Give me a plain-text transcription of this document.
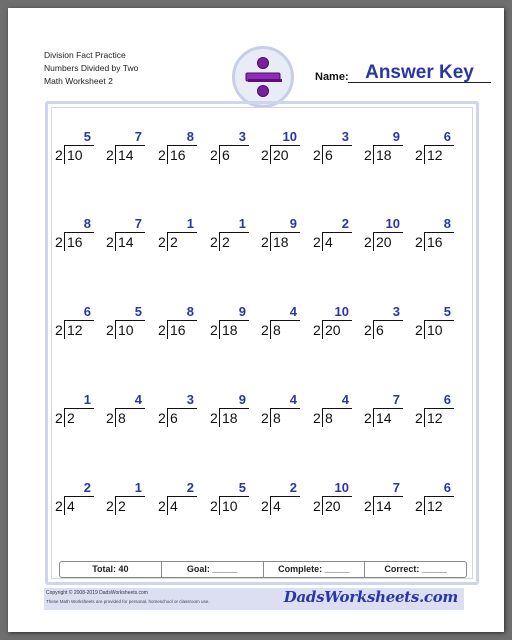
Division Fact Practice
Numbers Divided by Two
Math Worksheet 2	Name: Answer Key
5
2 10
7
2 14
8
2 16
3
2 6
10
2 20
3
2 6
9
2 18
6
2 12
8
2 16
7
2 14
1
2 2
1
2 2
9
2 18
2
2 4
10
2 20
8
2 16
6
2 12
5
2 10
8
2 16
9
2 18
4
2 8
10
2 20
3
2 6
5
2 10
1
2 2
4
2 8
3
2 6
9
2 18
4
2 8
4
2 8
7
2 14
6
2 12
2
2 4
1
2 2
2
2 4
5
2 10
2
2 4
10
2 20
7
2 14
6
2 12
Total: 40	Goal: _____	Complete: _____	Correct: _____
Copyright © 2008-2019 DadsWorksheets.com
These Math Worksheets are provided for personal, homeschool or classroom use.	DadsWorksheets.com
